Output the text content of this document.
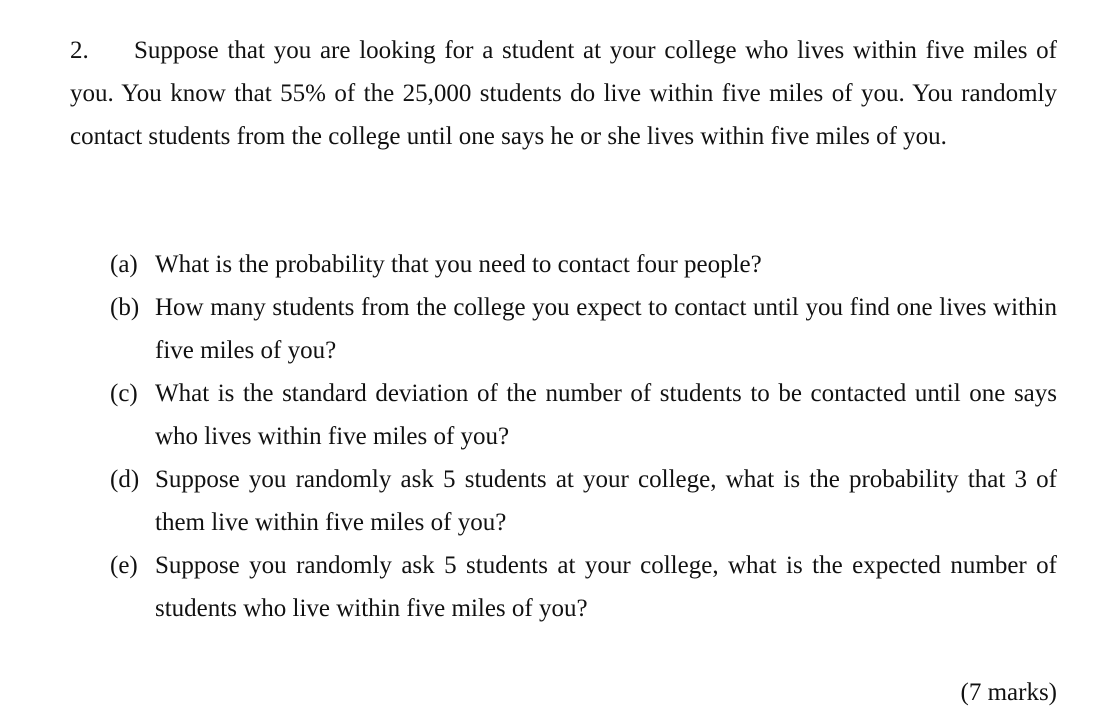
2. Suppose that you are looking for a student at your college who lives within five miles of you. You know that 55% of the 25,000 students do live within five miles of you. You randomly contact students from the college until one says he or she lives within five miles of you.

(a) What is the probability that you need to contact four people?
(b) How many students from the college you expect to contact until you find one lives within five miles of you?
(c) What is the standard deviation of the number of students to be contacted until one says who lives within five miles of you?
(d) Suppose you randomly ask 5 students at your college, what is the probability that 3 of them live within five miles of you?
(e) Suppose you randomly ask 5 students at your college, what is the expected number of students who live within five miles of you?
(7 marks)
